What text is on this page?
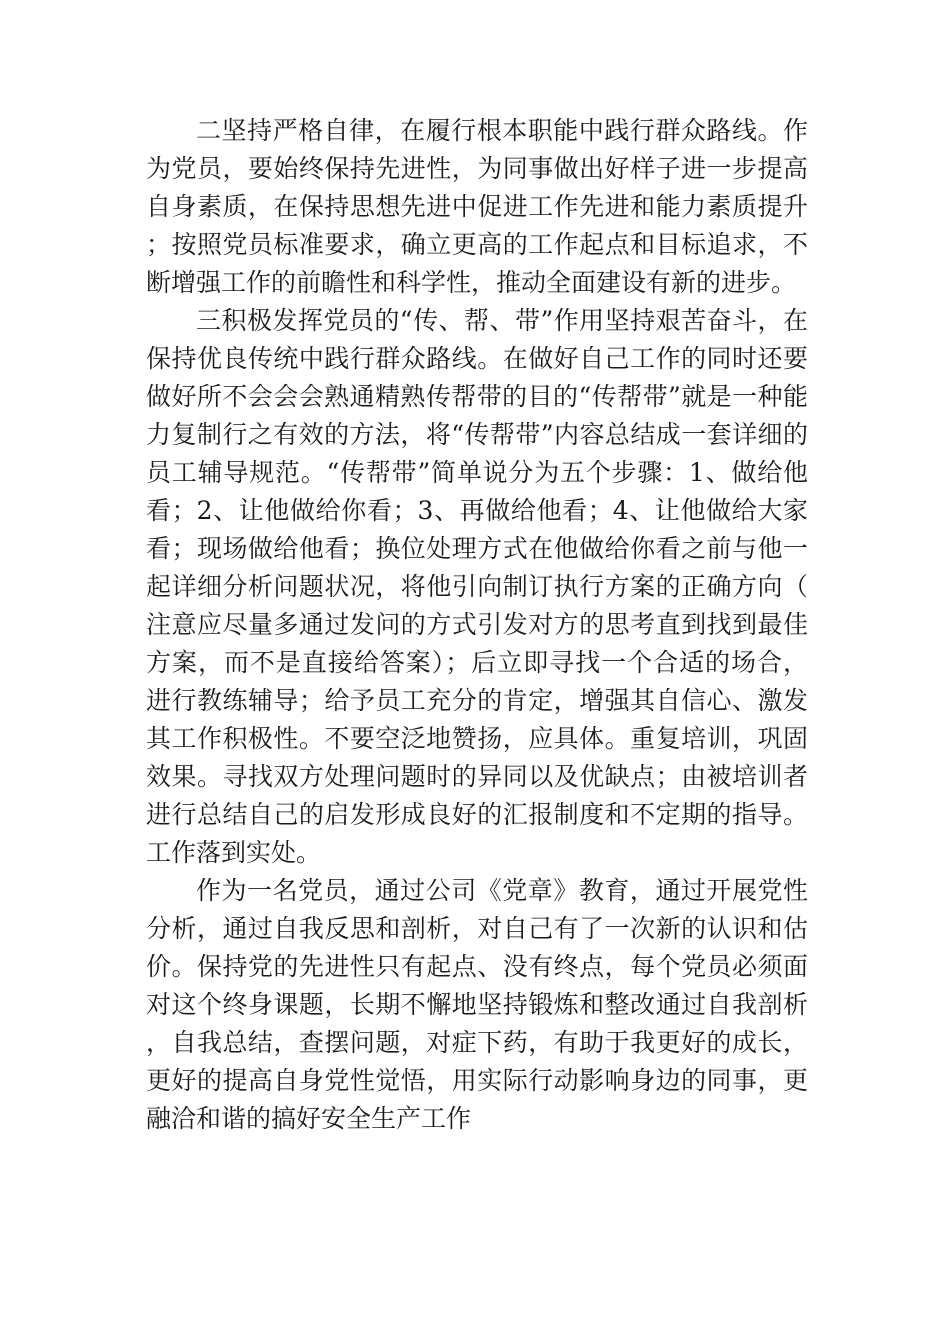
二坚持严格自律，在履行根本职能中践行群众路线。作为党员，要始终保持先进性，为同事做出好样子进一步提高自身素质，在保持思想先进中促进工作先进和能力素质提升；按照党员标准要求，确立更高的工作起点和目标追求，不断增强工作的前瞻性和科学性，推动全面建设有新的进步。

三积极发挥党员的“传、帮、带”作用坚持艰苦奋斗，在保持优良传统中践行群众路线。在做好自己工作的同时还要做好所不会会会熟通精熟传帮带的目的“传帮带”就是一种能力复制行之有效的方法，将“传帮带”内容总结成一套详细的员工辅导规范。“传帮带”简单说分为五个步骤：1、做给他看；2、让他做给你看；3、再做给他看；4、让他做给大家看；现场做给他看；换位处理方式在他做给你看之前与他一起详细分析问题状况，将他引向制订执行方案的正确方向（注意应尽量多通过发问的方式引发对方的思考直到找到最佳方案，而不是直接给答案）；后立即寻找一个合适的场合，进行教练辅导；给予员工充分的肯定，增强其自信心、激发其工作积极性。不要空泛地赞扬，应具体。重复培训，巩固效果。寻找双方处理问题时的异同以及优缺点；由被培训者进行总结自己的启发形成良好的汇报制度和不定期的指导。工作落到实处。

作为一名党员，通过公司《党章》教育，通过开展党性分析，通过自我反思和剖析，对自己有了一次新的认识和估价。保持党的先进性只有起点、没有终点，每个党员必须面对这个终身课题，长期不懈地坚持锻炼和整改通过自我剖析，自我总结，查摆问题，对症下药，有助于我更好的成长，更好的提高自身党性觉悟，用实际行动影响身边的同事，更融洽和谐的搞好安全生产工作
